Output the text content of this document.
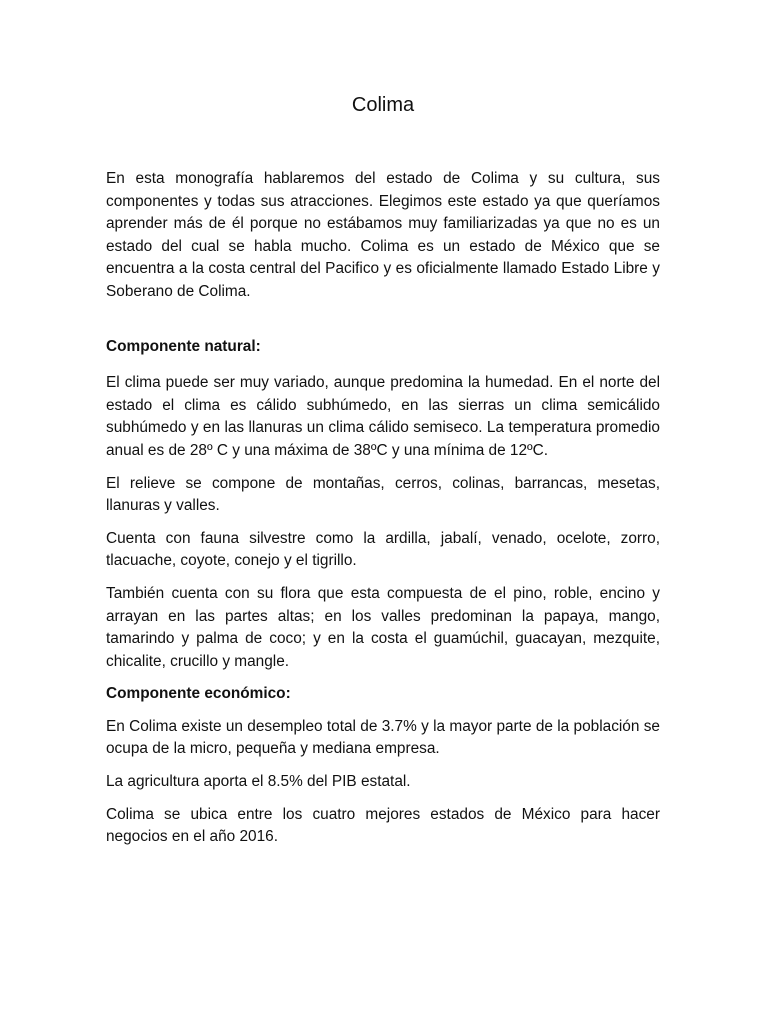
Colima

En esta monografía hablaremos del estado de Colima y su cultura, sus componentes y todas sus atracciones. Elegimos este estado ya que queríamos aprender más de él porque no estábamos muy familiarizadas ya que no es un estado del cual se habla mucho. Colima es un estado de México que se encuentra a la costa central del Pacifico y es oficialmente llamado Estado Libre y Soberano de Colima.

Componente natural:

El clima puede ser muy variado, aunque predomina la humedad. En el norte del estado el clima es cálido subhúmedo, en las sierras un clima semicálido subhúmedo y en las llanuras un clima cálido semiseco. La temperatura promedio anual es de 28º C y una máxima de 38ºC y una mínima de 12ºC.

El relieve se compone de montañas, cerros, colinas, barrancas, mesetas, llanuras y valles.

Cuenta con fauna silvestre como la ardilla, jabalí, venado, ocelote, zorro, tlacuache, coyote, conejo y el tigrillo.

También cuenta con su flora que esta compuesta de el pino, roble, encino y arrayan en las partes altas; en los valles predominan la papaya, mango, tamarindo y palma de coco; y en la costa el guamúchil, guacayan, mezquite, chicalite, crucillo y mangle.

Componente económico:

En Colima existe un desempleo total de 3.7% y la mayor parte de la población se ocupa de la micro, pequeña y mediana empresa.

La agricultura aporta el 8.5% del PIB estatal.

Colima se ubica entre los cuatro mejores estados de México para hacer negocios en el año 2016.
